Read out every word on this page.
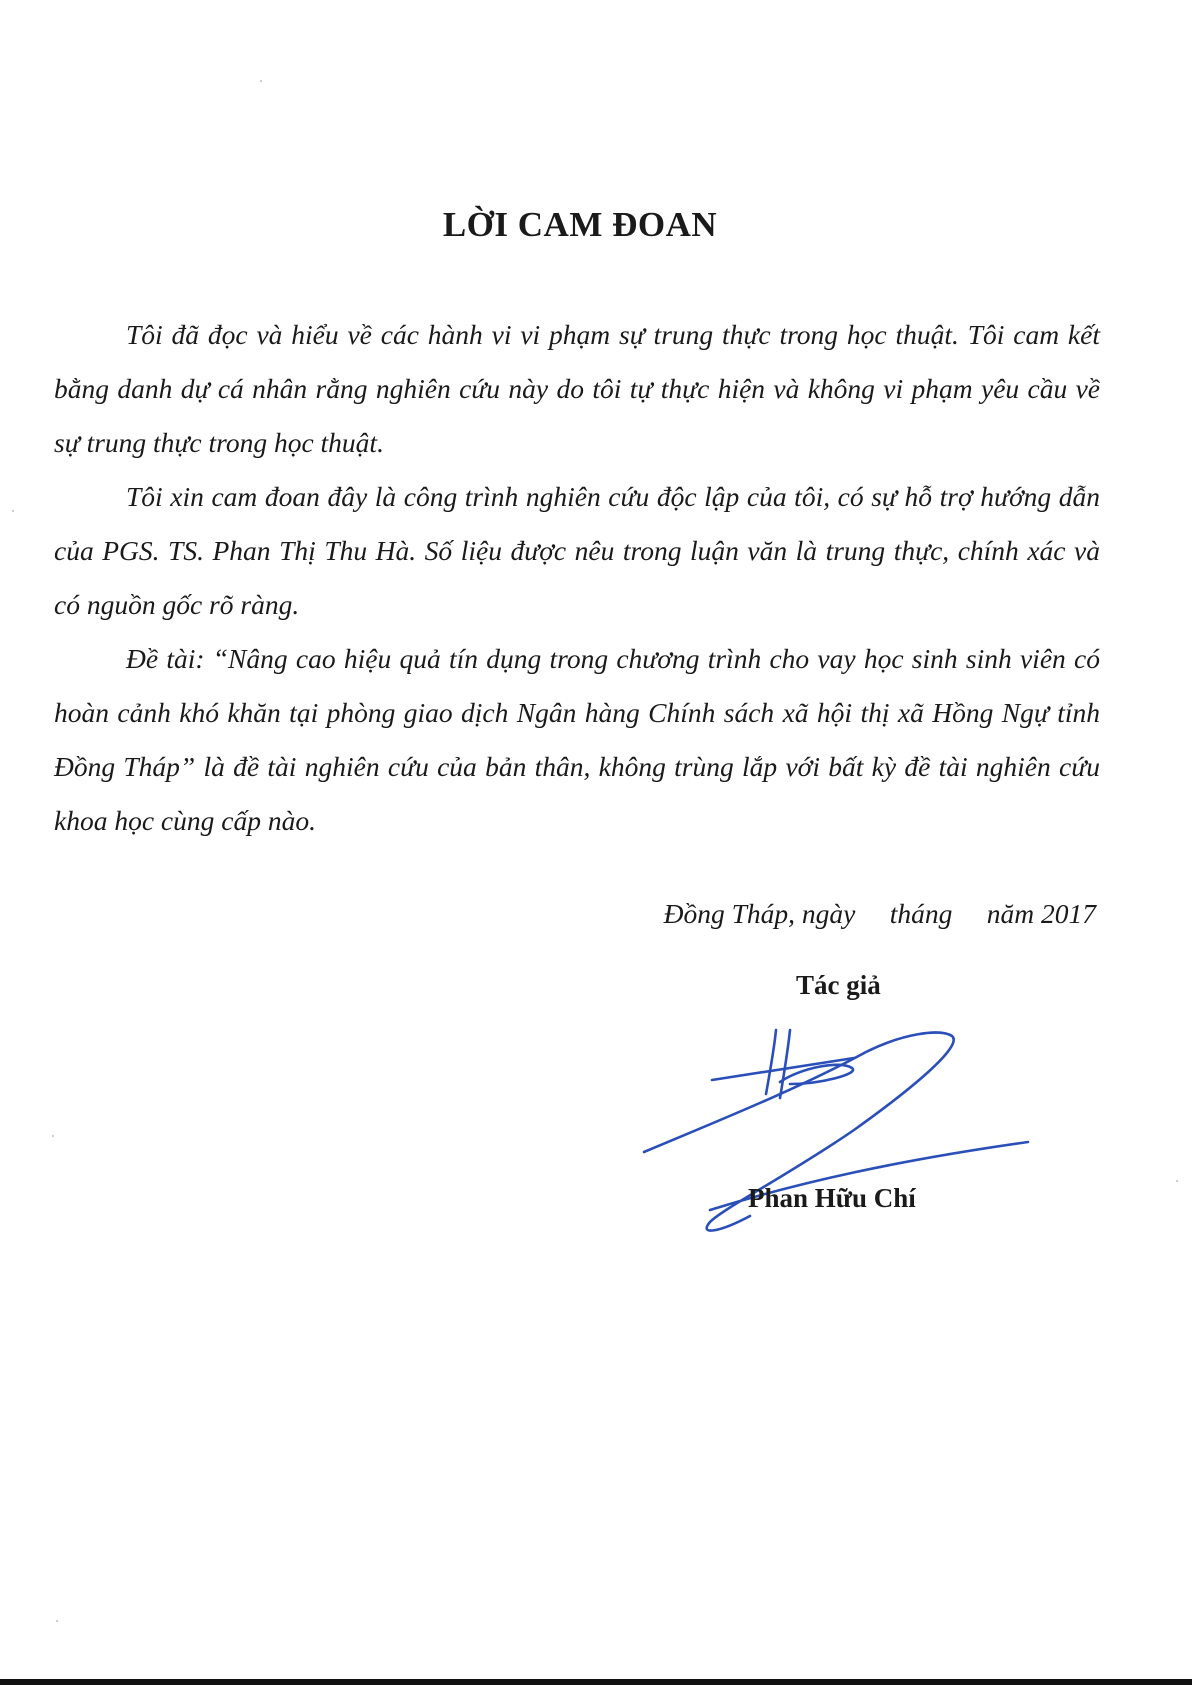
LỜI CAM ĐOAN

Tôi đã đọc và hiểu về các hành vi vi phạm sự trung thực trong học thuật. Tôi cam kết bằng danh dự cá nhân rằng nghiên cứu này do tôi tự thực hiện và không vi phạm yêu cầu về sự trung thực trong học thuật.

Tôi xin cam đoan đây là công trình nghiên cứu độc lập của tôi, có sự hỗ trợ hướng dẫn của PGS. TS. Phan Thị Thu Hà. Số liệu được nêu trong luận văn là trung thực, chính xác và có nguồn gốc rõ ràng.

Đề tài: “Nâng cao hiệu quả tín dụng trong chương trình cho vay học sinh sinh viên có hoàn cảnh khó khăn tại phòng giao dịch Ngân hàng Chính sách xã hội thị xã Hồng Ngự tỉnh Đồng Tháp” là đề tài nghiên cứu của bản thân, không trùng lắp với bất kỳ đề tài nghiên cứu khoa học cùng cấp nào.

Đồng Tháp, ngày     tháng     năm 2017

Tác giả

Phan Hữu Chí
